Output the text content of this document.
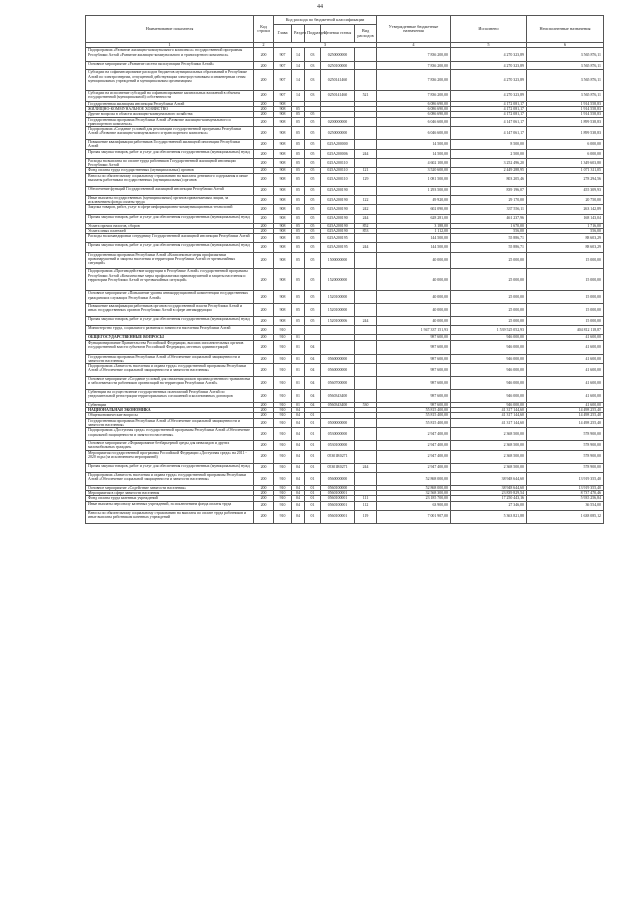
44
Наименование показателя	Код строки	Код расхода по бюджетной классификации					Утвержденные бюджетные назначения	Исполнено	Неисполненные назначения
		Глава	Раздел	Подраздел	Целевая статья	Вид расходов			
1	2	3					4	5	6
Подпрограмма «Развитие жилищно-коммунального комплекса» государственной программы Республики Алтай «Развитие жилищно-коммунального и транспортного комплекса»	200	907	14	03	0250000000		7 836 200,00	4 270 323,89	3 565 876,11
Основное мероприятие «Развитие систем эксплуатации Республики Алтай»	200	907	14	03	0250100000		7 836 200,00	4 270 323,89	3 565 876,11
Субсидии на софинансирование расходов бюджетов муниципальных образований в Республике Алтай по электроэнергии, отпущенной действующим электроустановкам и инженерным сетям муниципальных учреждений и муниципальным организациям	200	907	14	03	0250141460		7 836 200,00	4 270 323,89	3 565 876,11
Субсидии на исполнение субсидий на софинансирование капитальных вложений в объекты государственной (муниципальной) собственности	200	907	14	03	0250141460	521	7 836 200,00	4 270 323,89	3 565 876,11
Государственная жилищная инспекция Республики Алтай	200	908					6 086 690,00	4 172 081,17	1 914 558,83
ЖИЛИЩНО-КОММУНАЛЬНОЕ ХОЗЯЙСТВО	200	908	05				6 086 690,00	4 172 081,17	1 914 558,83
Другие вопросы в области жилищно-коммунального хозяйства	200	908	05	05			6 086 690,00	4 172 081,17	1 914 558,83
Государственная программа Республики Алтай «Развитие жилищно-коммунального и транспортного комплекса»	200	908	05	05	0200000000		6 046 600,00	4 147 061,17	1 899 538,83
Подпрограмма «Создание условий для реализации государственной программы Республики Алтай «Развитие жилищно-коммунального и транспортного комплекса»	200	908	05	05	0250000000		6 046 600,00	4 147 061,17	1 899 538,83
Повышение квалификации работников Государственной жилищной инспекции Республики Алтай	200	908	05	05	025А200000		14 500,00	8 500,00	6 000,00
Прочая закупка товаров, работ и услуг для обеспечения государственных (муниципальных) нужд	200	908	05	05	025А200006	244	14 500,00	2 500,00	6 000,00
Расходы на выплаты по оплате труда работников Государственной жилищной инспекции Республики Алтай	200	908	05	05	025А200110		4 602 100,00	3 252 496,20	1 349 603,80
Фонд оплаты труда государственных (муниципальных) органов	200	908	05	05	025А200110	121	3 520 600,00	2 449 288,95	1 071 311,05
Взносы по обязательному социальному страхованию на выплаты денежного содержания и иные выплаты работникам государственных (муниципальных) органов	200	908	05	05	025А200110	129	1 081 500,00	803 205,46	278 294,56
Обеспечение функций Государственной жилищной инспекции Республики Алтай	200	908	05	05	025А200190		1 293 500,00	839 196,07	455 309,93
Иные выплаты государственных (муниципальных) органов привлекаемым лицам, за исключением фонда оплаты труда	200	908	05	05	025А200190	122	49 920,00	29 170,00	20 750,00
Закупка товаров, работ, услуг в сфере информационно-коммуникационных технологий	200	908	05	05	025А200190	242	602 090,00	337 556,11	263 142,89
Прочая закупка товаров, работ и услуг для обеспечения государственных (муниципальных) нужд	200	908	05	05	025А200190	244	628 281,00	461 237,96	168 143,04
Уплата прочих налогов, сборов	200	908	05	05	025А200190	852	3 188,00	1 670,00	1 716,00
Уплата иных платежей	200	908	05	05	025А200190	853	1 112,00	556,00	556,00
Расходы на командировки сотруднику Государственной жилищной инспекции Республики Алтай	200	908	05	05	025А200195		144 500,00	55 886,71	88 603,29
Прочая закупка товаров, работ и услуг для обеспечения государственных (муниципальных) нужд	200	908	05	05	025А200195	244	144 500,00	55 886,71	88 603,29
Государственная программа Республики Алтай «Комплексные меры профилактики правонарушений и защиты населения и территории Республики Алтай от чрезвычайных ситуаций»	200	908	05	05	1500000000		40 000,00	25 000,00	15 000,00
Подпрограмма «Противодействие коррупции в Республике Алтай» государственной программы Республики Алтай «Комплексные меры профилактики правонарушений и защиты населения и территории Республики Алтай от чрезвычайных ситуаций»	200	908	05	05	1520000000		40 000,00	25 000,00	15 000,00
Основное мероприятие «Повышение уровня антикоррупционной компетенции государственных гражданских служащих Республики Алтай»	200	908	05	05	1520100000		40 000,00	25 000,00	15 000,00
Повышение квалификации работников органов государственной власти Республики Алтай и иных государственных органов Республики Алтай в сфере антикоррупции	200	908	05	05	1520100000		40 000,00	25 000,00	15 000,00
Прочая закупка товаров, работ и услуг для обеспечения государственных (муниципальных) нужд	200	908	05	05	1520100006	244	40 000,00	25 000,00	15 000,00
Министерство труда, социального развития и занятости населения Республики Алтай	200	910					1 947 337 151,93	1 539 525 052,93	404 812 118,87
ОБЩЕГОСУДАРСТВЕННЫЕ ВОПРОСЫ	200	910	01				987 600,00	946 000,00	41 600,00
Функционирование Правительства Российской Федерации, высших исполнительных органов государственной власти субъектов Российской Федерации, местных администраций	200	910	01	04			987 600,00	946 000,00	41 600,00
Государственная программа Республики Алтай «Обеспечение социальной защищенности и занятости населения»	200	910	01	04	0560000000		987 600,00	946 000,00	41 600,00
Подпрограмма «Занятость населения и охрана труда» государственной программы Республики Алтай «Обеспечение социальной защищенности и занятости населения»	200	910	01	04	0560000000		987 600,00	946 000,00	41 600,00
Основное мероприятие «Создание условий для снижения рисков производственного травматизма и заболеваемости работников организаций на территории Республики Алтай»	200	910	01	04	0560700000		987 600,00	946 000,00	41 600,00
Субвенции на осуществление государственных полномочий Республики Алтай по уведомительной регистрации территориальных соглашений и коллективных договоров	200	910	01	04	0560343400		987 600,00	946 000,00	41 600,00
Субвенции	200	910	01	04	0560343400	530	987 600,00	946 000,00	41 600,00
НАЦИОНАЛЬНАЯ ЭКОНОМИКА	200	910	04				55 815 400,00	41 317 144,60	14 498 255,40
Общеэкономические вопросы	200	910	04	01			55 815 400,00	41 317 144,60	14 498 255,40
Государственная программа Республики Алтай «Обеспечение социальной защищенности и занятости населения»	200	910	04	01	0500000000		55 815 400,00	41 317 144,60	14 498 255,40
Подпрограмма «Доступная среда» государственной программы Республики Алтай «Обеспечение социальной защищенности и занятости населения»	200	910	04	01	0530000000		2 947 400,00	2 368 500,00	578 900,00
Основное мероприятие «Формирование безбарьерной среды для инвалидов и других маломобильных граждан»	200	910	04	01	0530100000		2 947 400,00	2 368 500,00	578 900,00
Мероприятия государственной программы Российской Федерации «Доступная среда» на 2011 - 2020 годы (за исключением мероприятий)	200	910	04	01	05301R0271		2 947 400,00	2 368 500,00	578 900,00
Прочая закупка товаров, работ и услуг для обеспечения государственных (муниципальных) нужд	200	910	04	01	05301R0271	244	2 947 400,00	2 368 500,00	578 900,00
Подпрограмма «Занятость населения и охрана труда» государственной программы Республики Алтай «Обеспечение социальной защищенности и занятости населения»	200	910	04	01	0560000000		52 868 000,00	38 948 644,60	13 919 355,40
Основное мероприятие «Содействие занятости населения»	200	910	04	01	0560100000		52 868 000,00	38 948 644,60	13 919 355,40
Мероприятия в сфере занятости населения	200	910	04	01	0560100001		32 568 300,00	23 839 829,54	8 737 470,46
Фонд оплаты труда казенных учреждений	200	910	04	01	0560100001	111	23 185 700,00	17 250 443,16	5 935 256,84
Иные выплаты персоналу казенных учреждений, за исключением фонда оплаты труда	200	910	04	01	0560100001	112	63 900,00	27 346,00	36 554,00
Взносы по обязательному социальному страхованию на выплаты по оплате труда работников и иные выплаты работникам казенных учреждений	200	910	04	01	0560100001	119	7 001 907,00	5 363 821,88	1 638 085,12
